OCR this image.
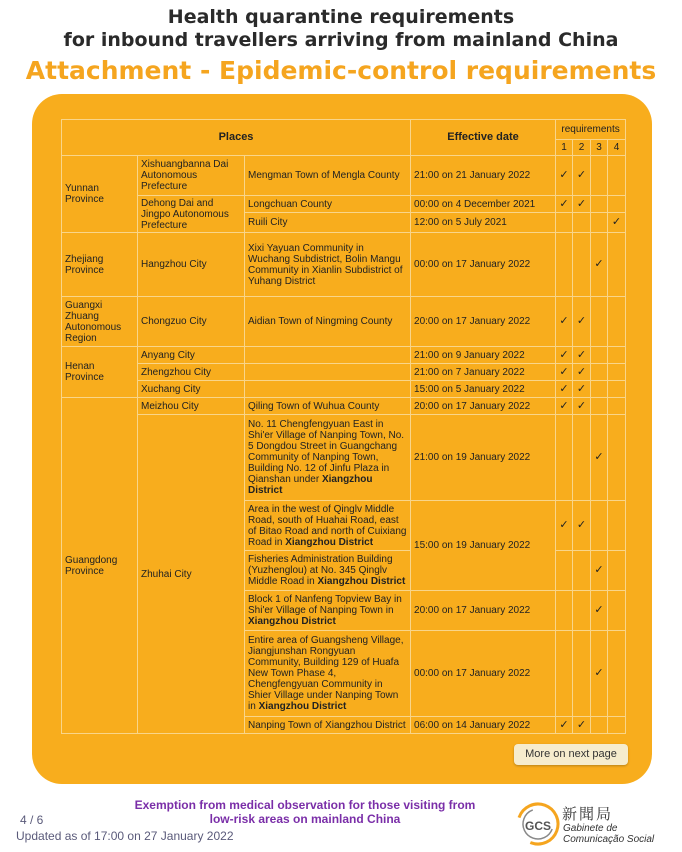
Health quarantine requirements
for inbound travellers arriving from mainland China
Attachment - Epidemic-control requirements
Places			Effective date	requirements			
				1	2	3	4
Yunnan Province	Xishuangbanna Dai Autonomous Prefecture	Mengman Town of Mengla County	21:00 on 21 January 2022	✓	✓		
	Dehong Dai and Jingpo Autonomous Prefecture	Longchuan County	00:00 on 4 December 2021	✓	✓		
		Ruili City	12:00 on 5 July 2021				✓
Zhejiang Province	Hangzhou City	Xixi Yayuan Community in Wuchang Subdistrict, Bolin Mangu Community in Xianlin Subdistrict of Yuhang District	00:00 on 17 January 2022			✓	
Guangxi Zhuang Autonomous Region	Chongzuo City	Aidian Town of Ningming County	20:00 on 17 January 2022	✓	✓		
Henan Province	Anyang City		21:00 on 9 January 2022	✓	✓		
	Zhengzhou City		21:00 on 7 January 2022	✓	✓		
	Xuchang City		15:00 on 5 January 2022	✓	✓		
Guangdong Province	Meizhou City	Qiling Town of Wuhua County	20:00 on 17 January 2022	✓	✓		
	Zhuhai City	No. 11 Chengfengyuan East in Shi'er Village of Nanping Town, No. 5 Dongdou Street in Guangchang Community of Nanping Town, Building No. 12 of Jinfu Plaza in Qianshan under Xiangzhou District	21:00 on 19 January 2022			✓	
		Area in the west of Qinglv Middle Road, south of Huahai Road, east of Bitao Road and north of Cuixiang Road in Xiangzhou District	15:00 on 19 January 2022	✓	✓		
		Fisheries Administration Building (Yuzhenglou) at No. 345 Qinglv Middle Road in Xiangzhou District				✓	
		Block 1 of Nanfeng Topview Bay in Shi'er Village of Nanping Town in Xiangzhou District	20:00 on 17 January 2022			✓	
		Entire area of Guangsheng Village, Jiangjunshan Rongyuan Community, Building 129 of Huafa New Town Phase 4, Chengfengyuan Community in Shier Village under Nanping Town in Xiangzhou District	00:00 on 17 January 2022			✓	
		Nanping Town of Xiangzhou District	06:00 on 14 January 2022	✓	✓		
More on next page
Exemption from medical observation for those visiting from
low-risk areas on mainland China
4 / 6
Updated as of 17:00 on 27 January 2022
GCS
新聞局
Gabinete de
Comunicação Social
